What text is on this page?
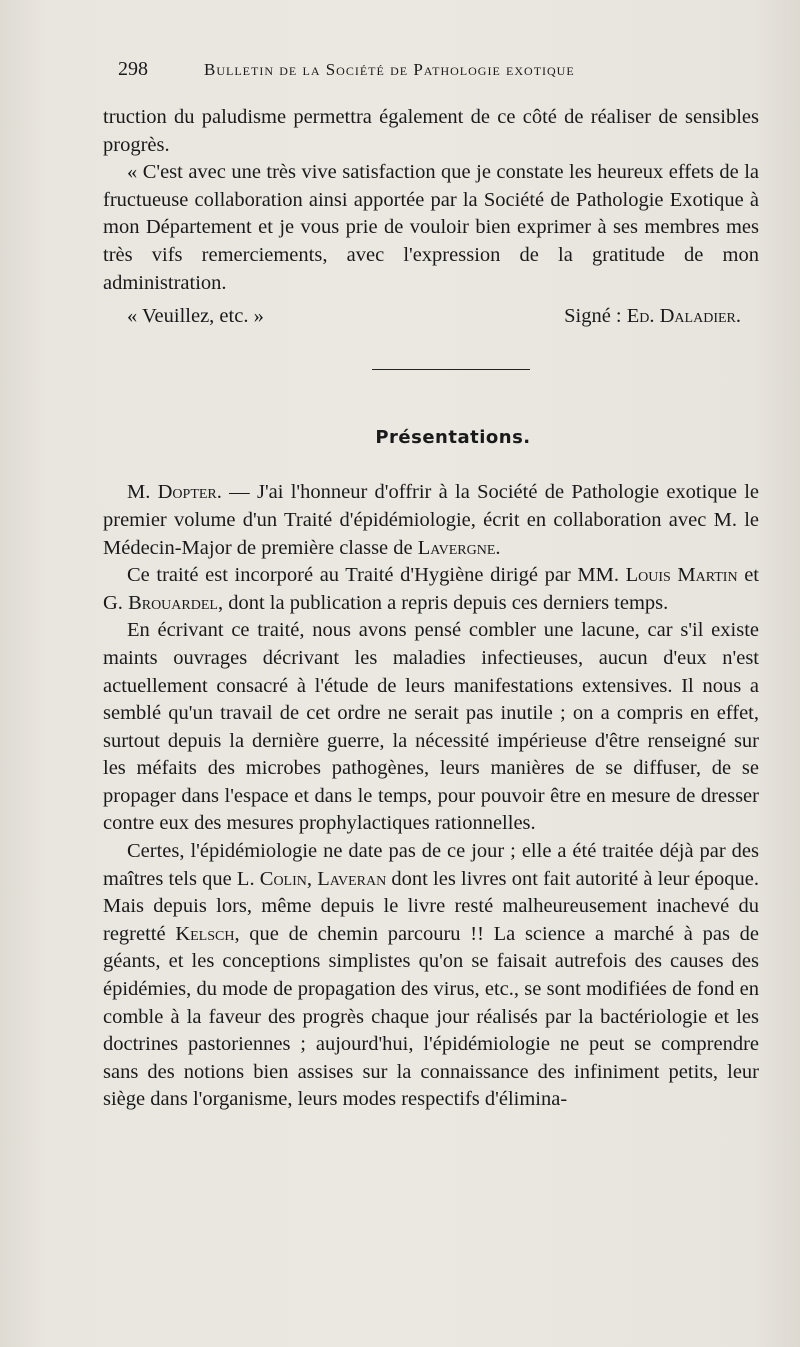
298	Bulletin de la Société de Pathologie exotique

truction du paludisme permettra également de ce côté de réaliser de sensibles progrès.

« C'est avec une très vive satisfaction que je constate les heureux effets de la fructueuse collaboration ainsi apportée par la Société de Pathologie Exotique à mon Département et je vous prie de vouloir bien exprimer à ses membres mes très vifs remerciements, avec l'expression de la gratitude de mon administration.

« Veuillez, etc. »	Signé : Ed. Daladier.
Présentations.

M. Dopter. — J'ai l'honneur d'offrir à la Société de Pathologie exotique le premier volume d'un Traité d'épidémiologie, écrit en collaboration avec M. le Médecin-Major de première classe de Lavergne.

Ce traité est incorporé au Traité d'Hygiène dirigé par MM. Louis Martin et G. Brouardel, dont la publication a repris depuis ces derniers temps.

En écrivant ce traité, nous avons pensé combler une lacune, car s'il existe maints ouvrages décrivant les maladies infectieuses, aucun d'eux n'est actuellement consacré à l'étude de leurs manifestations extensives. Il nous a semblé qu'un travail de cet ordre ne serait pas inutile ; on a compris en effet, surtout depuis la dernière guerre, la nécessité impérieuse d'être renseigné sur les méfaits des microbes pathogènes, leurs manières de se diffuser, de se propager dans l'espace et dans le temps, pour pouvoir être en mesure de dresser contre eux des mesures prophylactiques rationnelles.

Certes, l'épidémiologie ne date pas de ce jour ; elle a été traitée déjà par des maîtres tels que L. Colin, Laveran dont les livres ont fait autorité à leur époque. Mais depuis lors, même depuis le livre resté malheureusement inachevé du regretté Kelsch, que de chemin parcouru !! La science a marché à pas de géants, et les conceptions simplistes qu'on se faisait autrefois des causes des épidémies, du mode de propagation des virus, etc., se sont modifiées de fond en comble à la faveur des progrès chaque jour réalisés par la bactériologie et les doctrines pastoriennes ; aujourd'hui, l'épidémiologie ne peut se comprendre sans des notions bien assises sur la connaissance des infiniment petits, leur siège dans l'organisme, leurs modes respectifs d'élimina-
